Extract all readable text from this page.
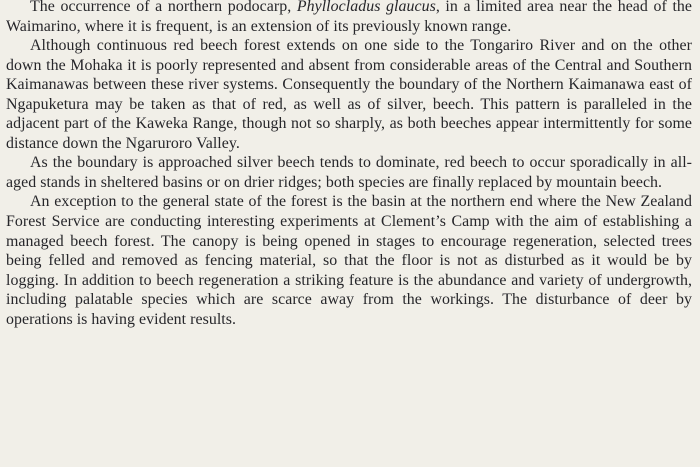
The occurrence of a northern podocarp, Phyllocladus glaucus, in a limited area near the head of the Waimarino, where it is frequent, is an extension of its previously known range.

Although continuous red beech forest extends on one side to the Tongariro River and on the other down the Mohaka it is poorly represented and absent from considerable areas of the Central and Southern Kaimanawas between these river systems. Consequently the boundary of the Northern Kaimanawa east of Ngapuketura may be taken as that of red, as well as of silver, beech. This pattern is paralleled in the adjacent part of the Kaweka Range, though not so sharply, as both beeches appear intermittently for some distance down the Ngaruroro Valley.

As the boundary is approached silver beech tends to dominate, red beech to occur sporadically in all-aged stands in sheltered basins or on drier ridges; both species are finally replaced by mountain beech.

An exception to the general state of the forest is the basin at the northern end where the New Zealand Forest Service are conducting interesting experiments at Clement’s Camp with the aim of establishing a managed beech forest. The canopy is being opened in stages to encourage regeneration, selected trees being felled and removed as fencing material, so that the floor is not as disturbed as it would be by logging. In addition to beech regeneration a striking feature is the abundance and variety of undergrowth, including palatable species which are scarce away from the workings. The disturbance of deer by operations is having evident results.
